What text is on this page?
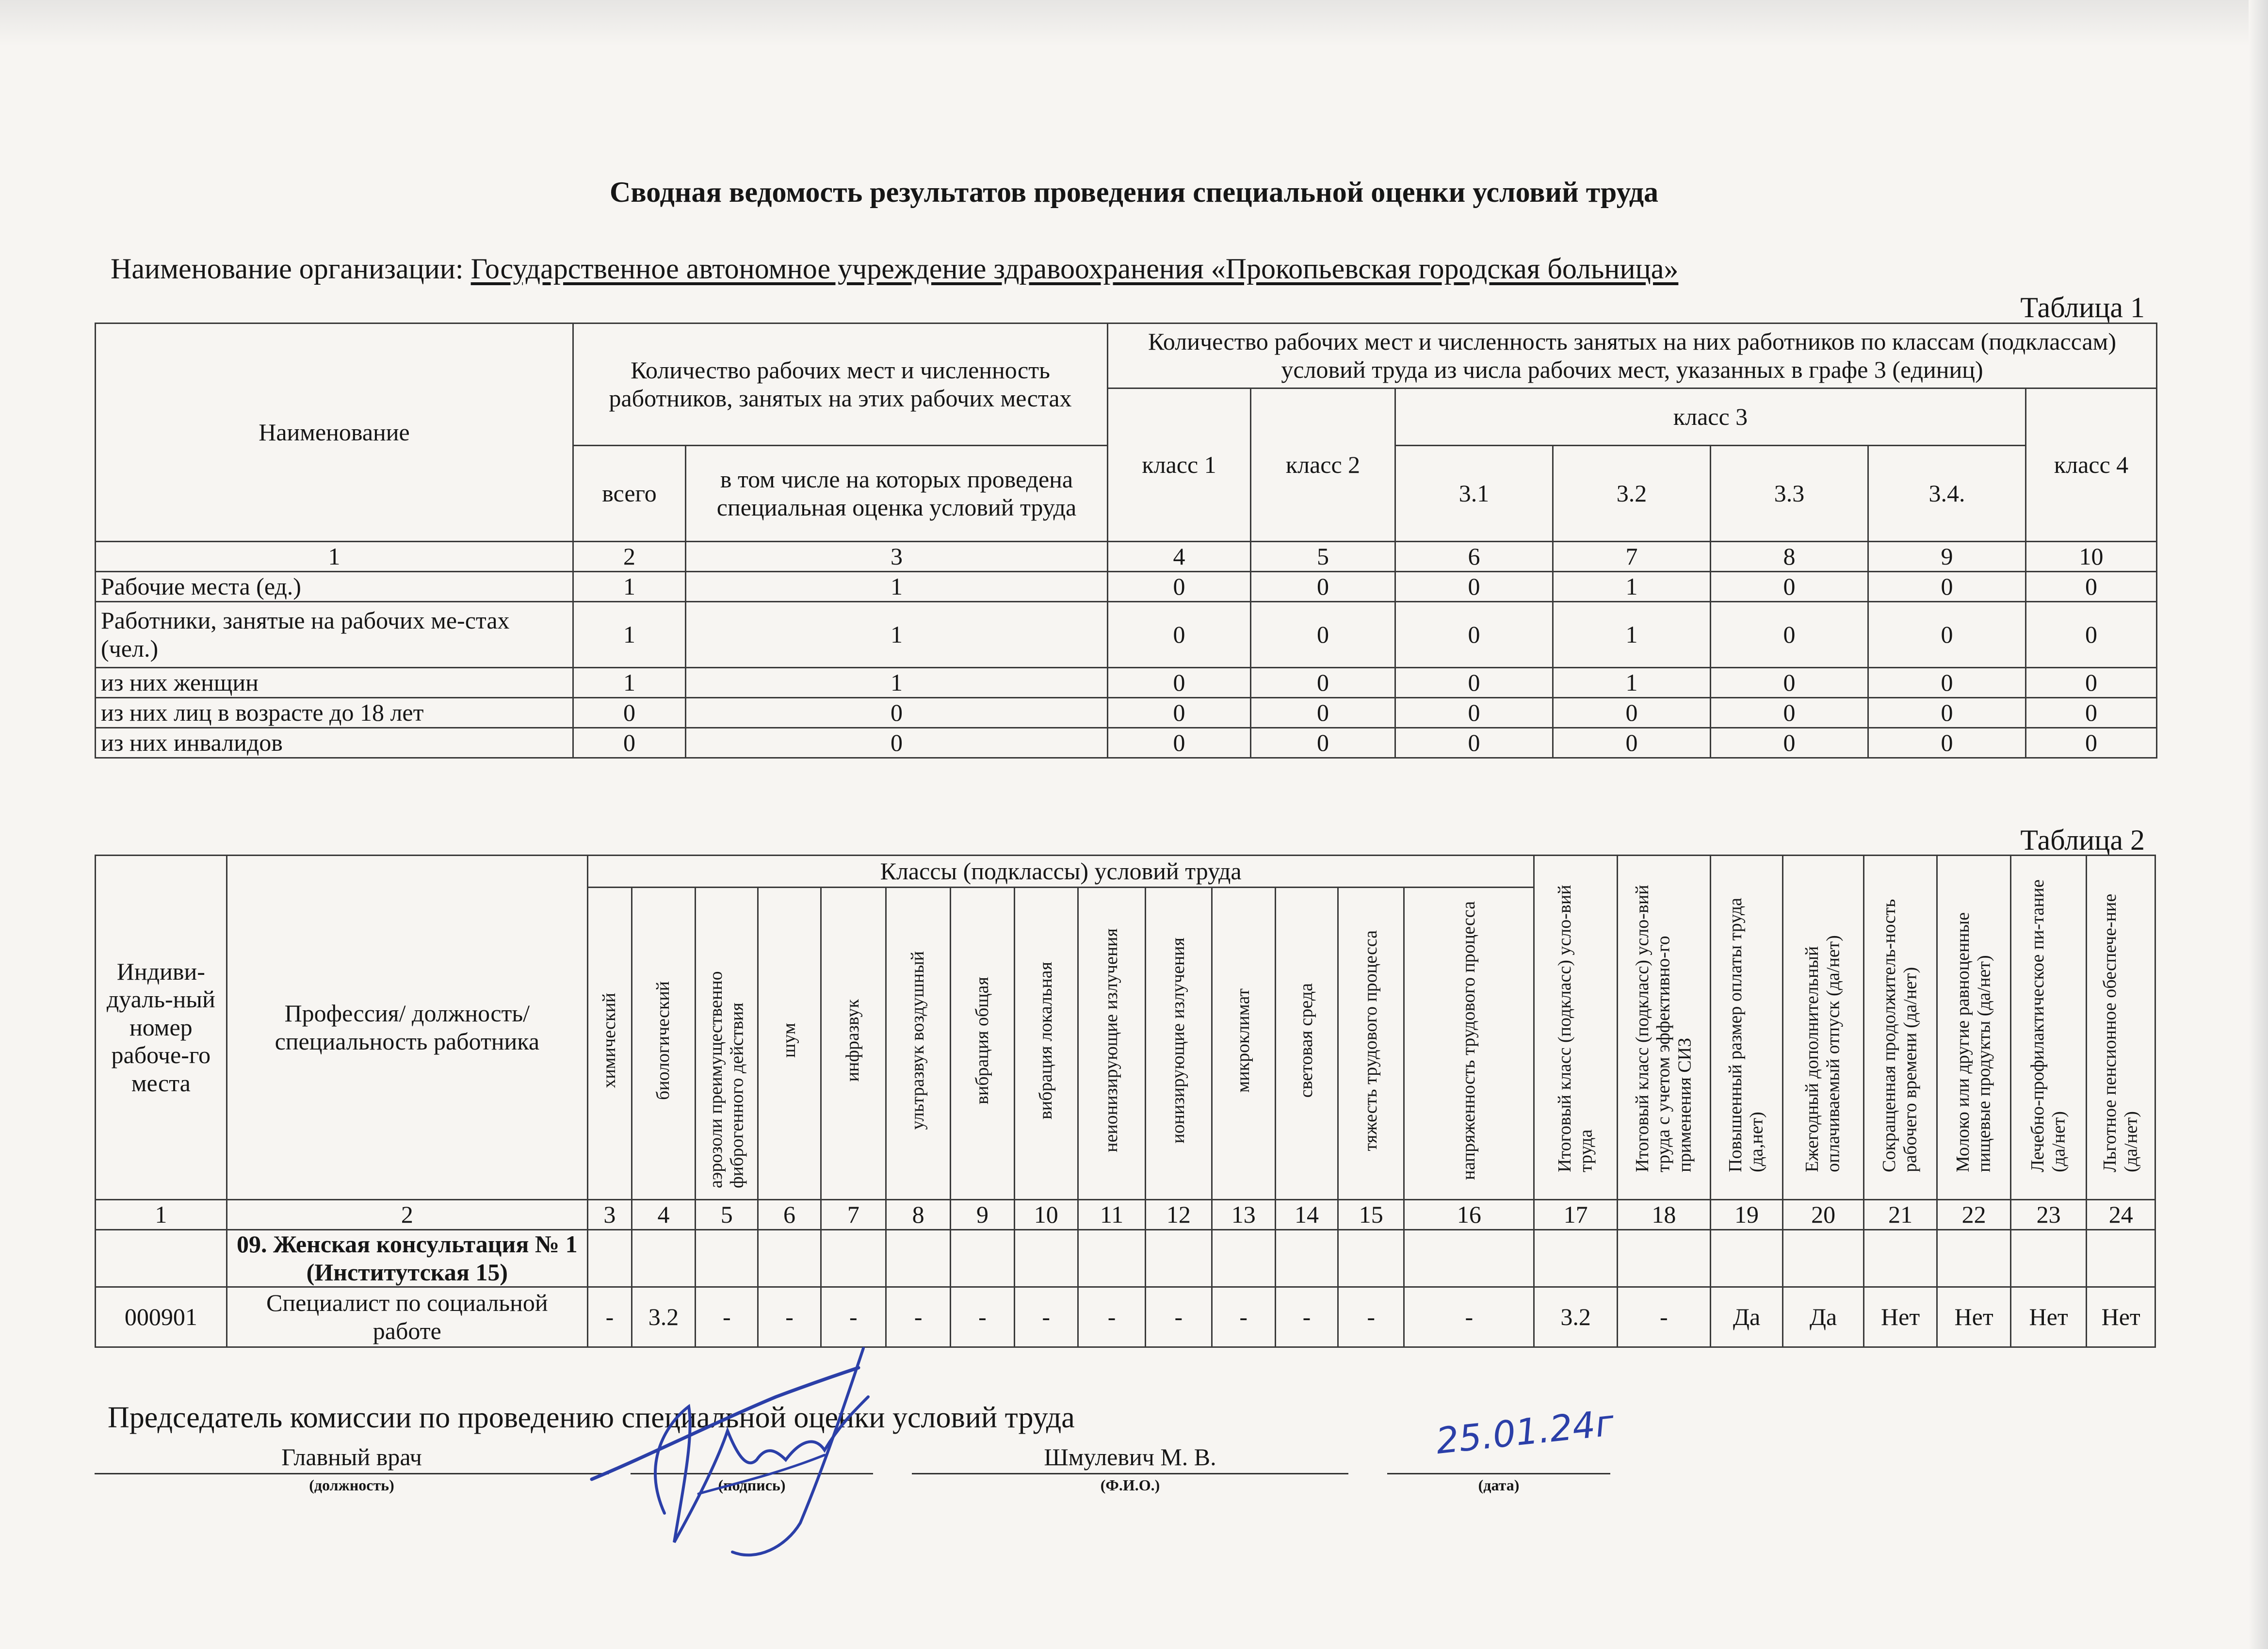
Сводная ведомость результатов проведения специальной оценки условий труда
Наименование организации: Государственное автономное учреждение здравоохранения «Прокопьевская городская больница»
Таблица 1
Наименование	Количество рабочих мест и численность работников, занятых на этих рабочих местах		Количество рабочих мест и численность занятых на них работников по классам (подклассам) условий труда из числа рабочих мест, указанных в графе 3 (единиц)						
			класс 1	класс 2	класс 3				класс 4
	всего	в том числе на которых проведена специальная оценка условий труда			3.1	3.2	3.3	3.4.	
1	2	3	4	5	6	7	8	9	10
Рабочие места (ед.)	1	1	0	0	0	1	0	0	0
Работники, занятые на рабочих ме-стах (чел.)	1	1	0	0	0	1	0	0	0
из них женщин	1	1	0	0	0	1	0	0	0
из них лиц в возрасте до 18 лет	0	0	0	0	0	0	0	0	0
из них инвалидов	0	0	0	0	0	0	0	0	0
Таблица 2
Индиви-дуаль-ный номер рабоче-го места	Профессия/ должность/ специальность работника	Классы (подклассы) условий труда														Итоговый класс (подкласс) усло-вий труда	Итоговый класс (подкласс) усло-вий труда с учетом эффективно-го применения СИЗ	Повышенный размер оплаты труда (да,нет)	Ежегодный дополнительный оплачиваемый отпуск (да/нет)	Сокращенная продолжитель-ность рабочего времени (да/нет)	Молоко или другие равноценные пищевые продукты (да/нет)	Лечебно-профилактическое пи-тание (да/нет)	Льготное пенсионное обеспече-ние (да/нет)
		химический	биологический	аэрозоли преимущественно фиброгенного действия	шум	инфразвук	ультразвук воздушный	вибрация общая	вибрация локальная	неионизирующие излучения	ионизирующие излучения	микроклимат	световая среда	тяжесть трудового процесса	напряженность трудового процесса								
1	2	3	4	5	6	7	8	9	10	11	12	13	14	15	16	17	18	19	20	21	22	23	24
	09. Женская консультация № 1 (Институтская 15)																						
000901	Специалист по социальной работе	-	3.2	-	-	-	-	-	-	-	-	-	-	-	-	3.2	-	Да	Да	Нет	Нет	Нет	Нет
Председатель комиссии по проведению специальной оценки условий труда
Главный врач
(должность)	(подпись)
Шмулевич М. В.
(Ф.И.О.)	(дата)
25.01.24г
